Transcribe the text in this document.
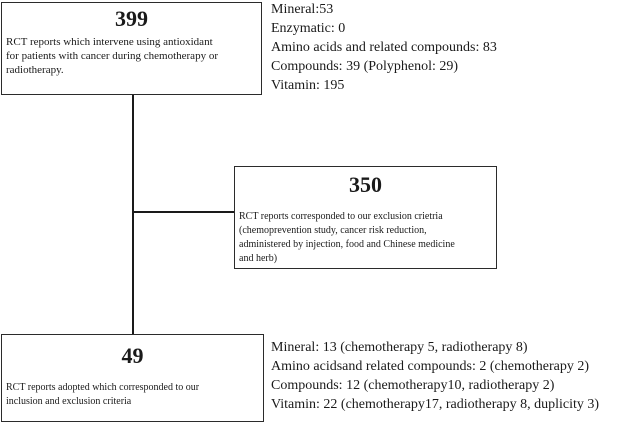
399
RCT reports which intervene using antioxidant
for patients with cancer during chemotherapy or
radiotherapy.
Mineral:53
Enzymatic: 0
Amino acids and related compounds: 83
Compounds: 39 (Polyphenol: 29)
Vitamin: 195
350
RCT reports corresponded to our exclusion crietria
(chemoprevention study, cancer risk reduction,
administered by injection, food and Chinese medicine
and herb)
49
RCT reports adopted which corresponded to our
inclusion and exclusion criteria
Mineral: 13 (chemotherapy 5, radiotherapy 8)
Amino acidsand related compounds: 2 (chemotherapy 2)
Compounds: 12 (chemotherapy10, radiotherapy 2)
Vitamin: 22 (chemotherapy17, radiotherapy 8, duplicity 3)
